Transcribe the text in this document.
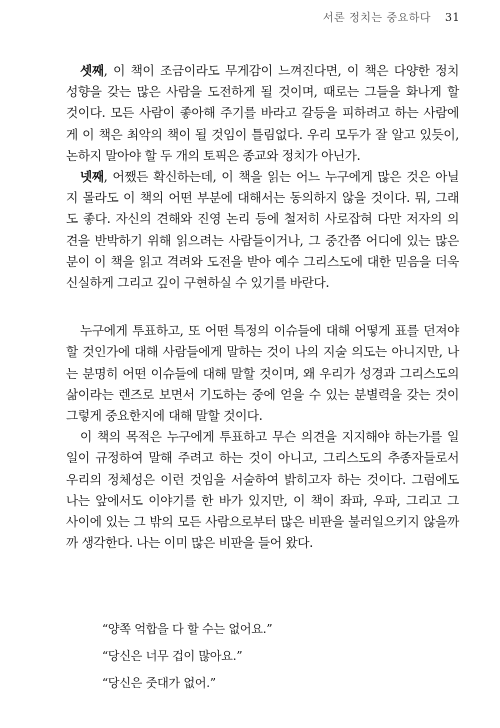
서론 정치는 중요하다 31
셋째, 이 책이 조금이라도 무게감이 느껴진다면, 이 책은 다양한 정치
성향을 갖는 많은 사람을 도전하게 될 것이며, 때로는 그들을 화나게 할
것이다. 모든 사람이 좋아해 주기를 바라고 갈등을 피하려고 하는 사람에
게 이 책은 최악의 책이 될 것임이 틀림없다. 우리 모두가 잘 알고 있듯이,
논하지 말아야 할 두 개의 토픽은 종교와 정치가 아닌가.
넷째, 어쨌든 확신하는데, 이 책을 읽는 어느 누구에게 많은 것은 아닐
지 몰라도 이 책의 어떤 부분에 대해서는 동의하지 않을 것이다. 뭐, 그래
도 좋다. 자신의 견해와 진영 논리 등에 철저히 사로잡혀 다만 저자의 의
견을 반박하기 위해 읽으려는 사람들이거나, 그 중간쯤 어디에 있는 많은
분이 이 책을 읽고 격려와 도전을 받아 예수 그리스도에 대한 믿음을 더욱
신실하게 그리고 깊이 구현하실 수 있기를 바란다.
누구에게 투표하고, 또 어떤 특정의 이슈들에 대해 어떻게 표를 던져야
할 것인가에 대해 사람들에게 말하는 것이 나의 지술 의도는 아니지만, 나
는 분명히 어떤 이슈들에 대해 말할 것이며, 왜 우리가 성경과 그리스도의
삶이라는 렌즈로 보면서 기도하는 중에 얻을 수 있는 분별력을 갖는 것이
그렇게 중요한지에 대해 말할 것이다.
이 책의 목적은 누구에게 투표하고 무슨 의견을 지지해야 하는가를 일
일이 규정하여 말해 주려고 하는 것이 아니고, 그리스도의 추종자들로서
우리의 정체성은 이런 것임을 서술하여 밝히고자 하는 것이다. 그럼에도
나는 앞에서도 이야기를 한 바가 있지만, 이 책이 좌파, 우파, 그리고 그
사이에 있는 그 밖의 모든 사람으로부터 많은 비판을 불러일으키지 않을까
까 생각한다. 나는 이미 많은 비판을 들어 왔다.
“양쪽 억합을 다 할 수는 없어요.”
“당신은 너무 겁이 많아요.”
“당신은 줏대가 없어.”
